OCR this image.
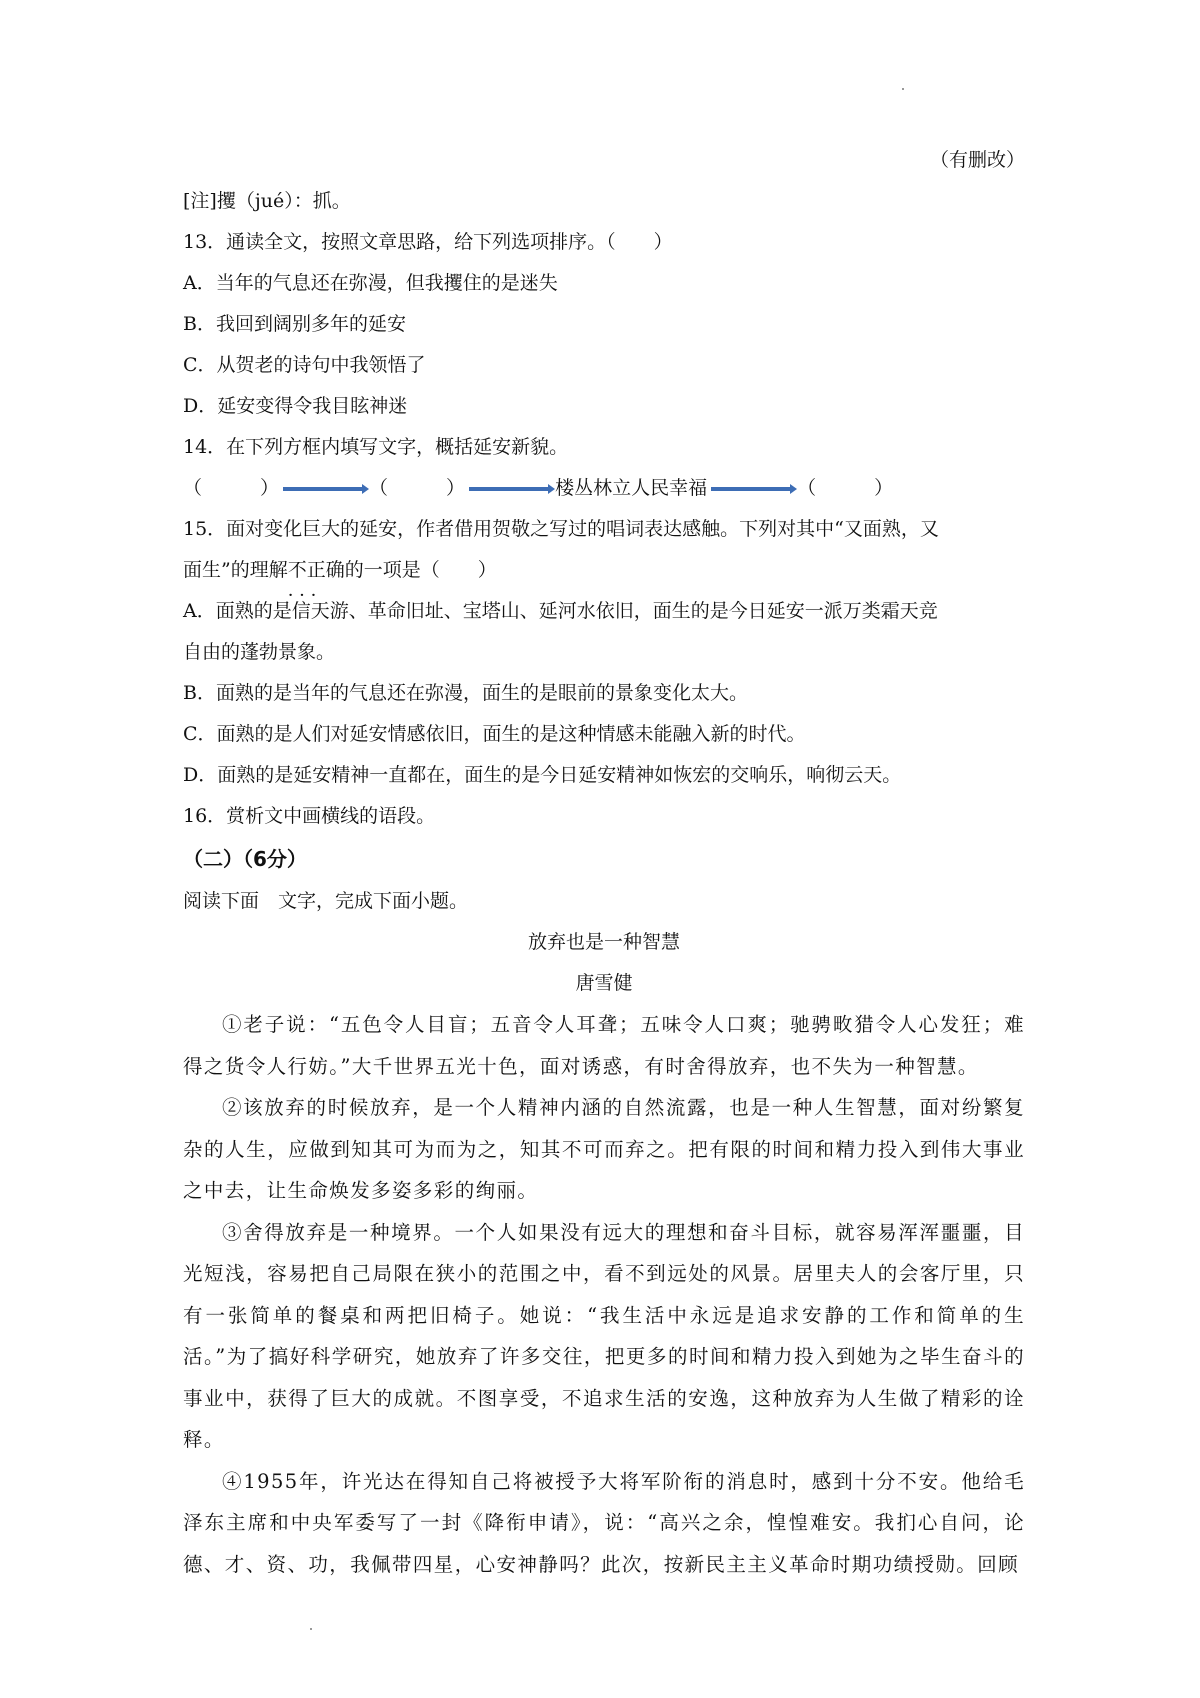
（有删改）
[注]攫（jué）：抓。
13．通读全文，按照文章思路，给下列选项排序。（　　）
A．当年的气息还在弥漫，但我攫住的是迷失
B．我回到阔别多年的延安
C．从贺老的诗句中我领悟了
D．延安变得令我目眩神迷
14．在下列方框内填写文字，概括延安新貌。
（	）	（	）	楼丛林立人民幸福	（	）
15．面对变化巨大的延安，作者借用贺敬之写过的唱词表达感触。下列对其中“又面熟，又
面生”的理解不正确 · · ·的一项是（　　）
A．面熟的是信天游、革命旧址、宝塔山、延河水依旧，面生的是今日延安一派万类霜天竞
自由的蓬勃景象。
B．面熟的是当年的气息还在弥漫，面生的是眼前的景象变化太大。
C．面熟的是人们对延安情感依旧，面生的是这种情感未能融入新的时代。
D．面熟的是延安精神一直都在，面生的是今日延安精神如恢宏的交响乐，响彻云天。
16．赏析文中画横线的语段。
（二）（6分）
阅读下面　文字，完成下面小题。
放弃也是一种智慧
唐雪健

①老子说：“五色令人目盲；五音令人耳聋；五味令人口爽；驰骋畋猎令人心发狂；难得之货令人行妨。”大千世界五光十色，面对诱惑，有时舍得放弃，也不失为一种智慧。

②该放弃的时候放弃，是一个人精神内涵的自然流露，也是一种人生智慧，面对纷繁复杂的人生，应做到知其可为而为之，知其不可而弃之。把有限的时间和精力投入到伟大事业之中去，让生命焕发多姿多彩的绚丽。

③舍得放弃是一种境界。一个人如果没有远大的理想和奋斗目标，就容易浑浑噩噩，目光短浅，容易把自己局限在狭小的范围之中，看不到远处的风景。居里夫人的会客厅里，只有一张简单的餐桌和两把旧椅子。她说：“我生活中永远是追求安静的工作和简单的生活。”为了搞好科学研究，她放弃了许多交往，把更多的时间和精力投入到她为之毕生奋斗的事业中，获得了巨大的成就。不图享受，不追求生活的安逸，这种放弃为人生做了精彩的诠释。

④1955年，许光达在得知自己将被授予大将军阶衔的消息时，感到十分不安。他给毛泽东主席和中央军委写了一封《降衔申请》，说：“高兴之余，惶惶难安。我扪心自问，论德、才、资、功，我佩带四星，心安神静吗？此次，按新民主主义革命时期功绩授勋。回顾
